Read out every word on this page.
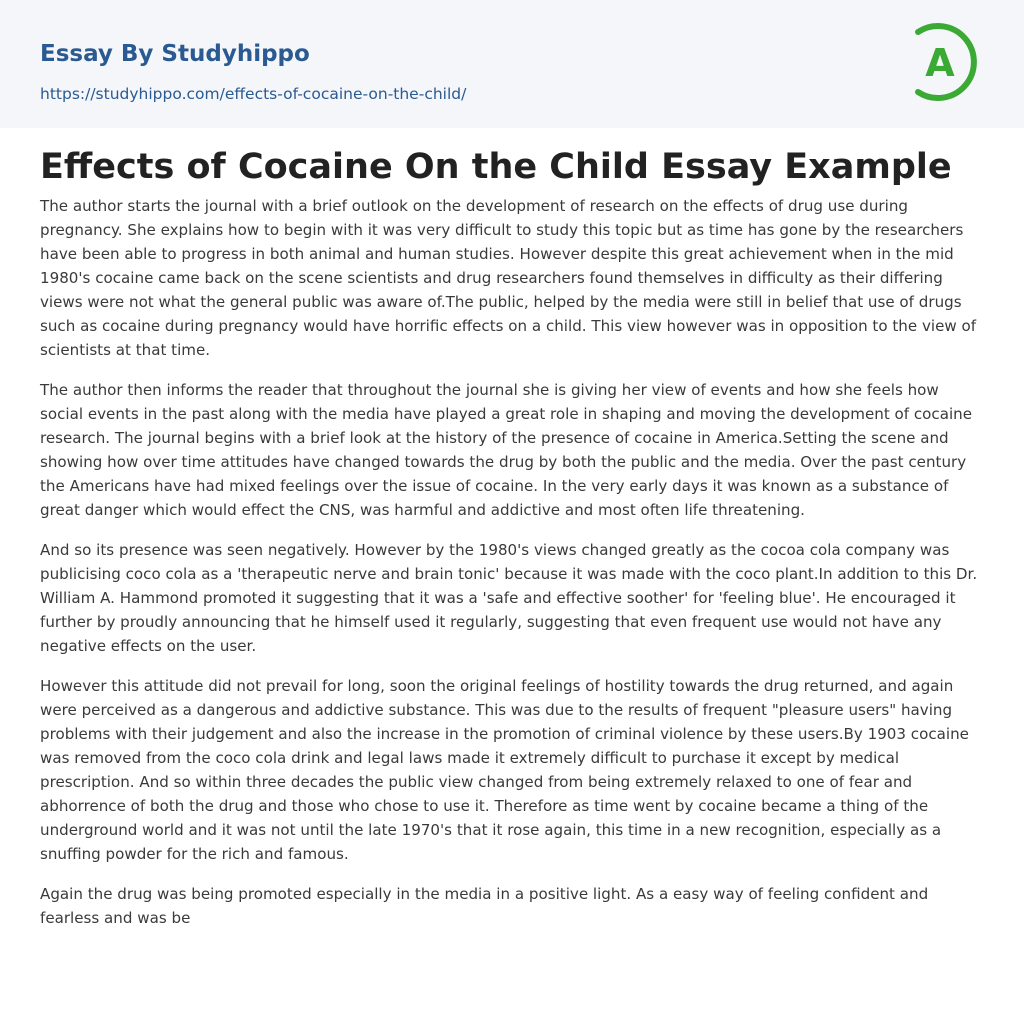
Essay By Studyhippo
https://studyhippo.com/effects-of-cocaine-on-the-child/
A
Effects of Cocaine On the Child Essay Example

The author starts the journal with a brief outlook on the development of research on the effects of drug use during pregnancy. She explains how to begin with it was very difficult to study this topic but as time has gone by the researchers have been able to progress in both animal and human studies. However despite this great achievement when in the mid 1980's cocaine came back on the scene scientists and drug researchers found themselves in difficulty as their differing views were not what the general public was aware of.The public, helped by the media were still in belief that use of drugs such as cocaine during pregnancy would have horrific effects on a child. This view however was in opposition to the view of scientists at that time.

The author then informs the reader that throughout the journal she is giving her view of events and how she feels how social events in the past along with the media have played a great role in shaping and moving the development of cocaine research. The journal begins with a brief look at the history of the presence of cocaine in America.Setting the scene and showing how over time attitudes have changed towards the drug by both the public and the media. Over the past century the Americans have had mixed feelings over the issue of cocaine. In the very early days it was known as a substance of great danger which would effect the CNS, was harmful and addictive and most often life threatening.

And so its presence was seen negatively. However by the 1980's views changed greatly as the cocoa cola company was publicising coco cola as a 'therapeutic nerve and brain tonic' because it was made with the coco plant.In addition to this Dr. William A. Hammond promoted it suggesting that it was a 'safe and effective soother' for 'feeling blue'. He encouraged it further by proudly announcing that he himself used it regularly, suggesting that even frequent use would not have any negative effects on the user.

However this attitude did not prevail for long, soon the original feelings of hostility towards the drug returned, and again were perceived as a dangerous and addictive substance. This was due to the results of frequent "pleasure users" having problems with their judgement and also the increase in the promotion of criminal violence by these users.By 1903 cocaine was removed from the coco cola drink and legal laws made it extremely difficult to purchase it except by medical prescription. And so within three decades the public view changed from being extremely relaxed to one of fear and abhorrence of both the drug and those who chose to use it. Therefore as time went by cocaine became a thing of the underground world and it was not until the late 1970's that it rose again, this time in a new recognition, especially as a snuffing powder for the rich and famous.

Again the drug was being promoted especially in the media in a positive light. As a easy way of feeling confident and fearless and was be
